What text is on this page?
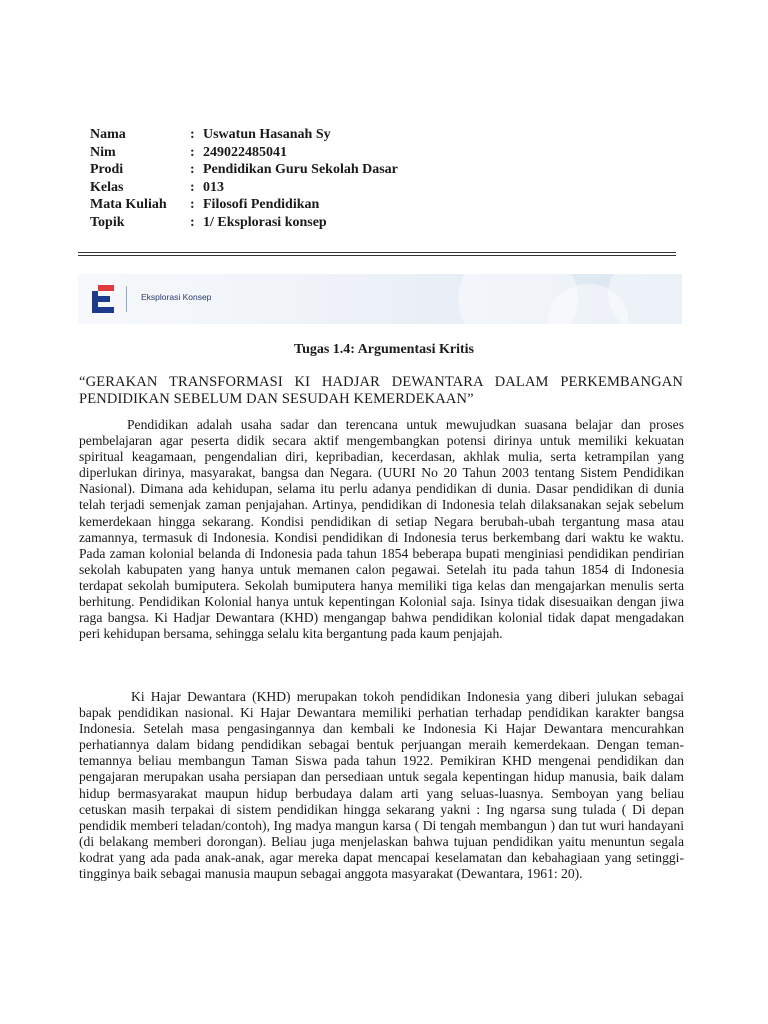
Nama	: Uswatun Hasanah Sy
Nim	: 249022485041
Prodi	: Pendidikan Guru Sekolah Dasar
Kelas	: 013
Mata Kuliah	: Filosofi Pendidikan
Topik	: 1/ Eksplorasi konsep
Eksplorasi Konsep
Tugas 1.4: Argumentasi Kritis
“GERAKAN TRANSFORMASI KI HADJAR DEWANTARA DALAM PERKEMBANGAN PENDIDIKAN SEBELUM DAN SESUDAH KEMERDEKAAN”

Pendidikan adalah usaha sadar dan terencana untuk mewujudkan suasana belajar dan proses pembelajaran agar peserta didik secara aktif mengembangkan potensi dirinya untuk memiliki kekuatan spiritual keagamaan, pengendalian diri, kepribadian, kecerdasan, akhlak mulia, serta ketrampilan yang diperlukan dirinya, masyarakat, bangsa dan Negara. (UURI No 20 Tahun 2003 tentang Sistem Pendidikan Nasional). Dimana ada kehidupan, selama itu perlu adanya pendidikan di dunia. Dasar pendidikan di dunia telah terjadi semenjak zaman penjajahan. Artinya, pendidikan di Indonesia telah dilaksanakan sejak sebelum kemerdekaan hingga sekarang. Kondisi pendidikan di setiap Negara berubah-ubah tergantung masa atau zamannya, termasuk di Indonesia. Kondisi pendidikan di Indonesia terus berkembang dari waktu ke waktu. Pada zaman kolonial belanda di Indonesia pada tahun 1854 beberapa bupati menginiasi pendidikan pendirian sekolah kabupaten yang hanya untuk memanen calon pegawai. Setelah itu pada tahun 1854 di Indonesia terdapat sekolah bumiputera. Sekolah bumiputera hanya memiliki tiga kelas dan mengajarkan menulis serta berhitung. Pendidikan Kolonial hanya untuk kepentingan Kolonial saja. Isinya tidak disesuaikan dengan jiwa raga bangsa. Ki Hadjar Dewantara (KHD) mengangap bahwa pendidikan kolonial tidak dapat mengadakan peri kehidupan bersama, sehingga selalu kita bergantung pada kaum penjajah.

Ki Hajar Dewantara (KHD) merupakan tokoh pendidikan Indonesia yang diberi julukan sebagai bapak pendidikan nasional. Ki Hajar Dewantara memiliki perhatian terhadap pendidikan karakter bangsa Indonesia. Setelah masa pengasingannya dan kembali ke Indonesia Ki Hajar Dewantara mencurahkan perhatiannya dalam bidang pendidikan sebagai bentuk perjuangan meraih kemerdekaan. Dengan teman-temannya beliau membangun Taman Siswa pada tahun 1922. Pemikiran KHD mengenai pendidikan dan pengajaran merupakan usaha persiapan dan persediaan untuk segala kepentingan hidup manusia, baik dalam hidup bermasyarakat maupun hidup berbudaya dalam arti yang seluas-luasnya. Semboyan yang beliau cetuskan masih terpakai di sistem pendidikan hingga sekarang yakni : Ing ngarsa sung tulada ( Di depan pendidik memberi teladan/contoh), Ing madya mangun karsa ( Di tengah membangun ) dan tut wuri handayani (di belakang memberi dorongan). Beliau juga menjelaskan bahwa tujuan pendidikan yaitu menuntun segala kodrat yang ada pada anak-anak, agar mereka dapat mencapai keselamatan dan kebahagiaan yang setinggi-tingginya baik sebagai manusia maupun sebagai anggota masyarakat (Dewantara, 1961: 20).
